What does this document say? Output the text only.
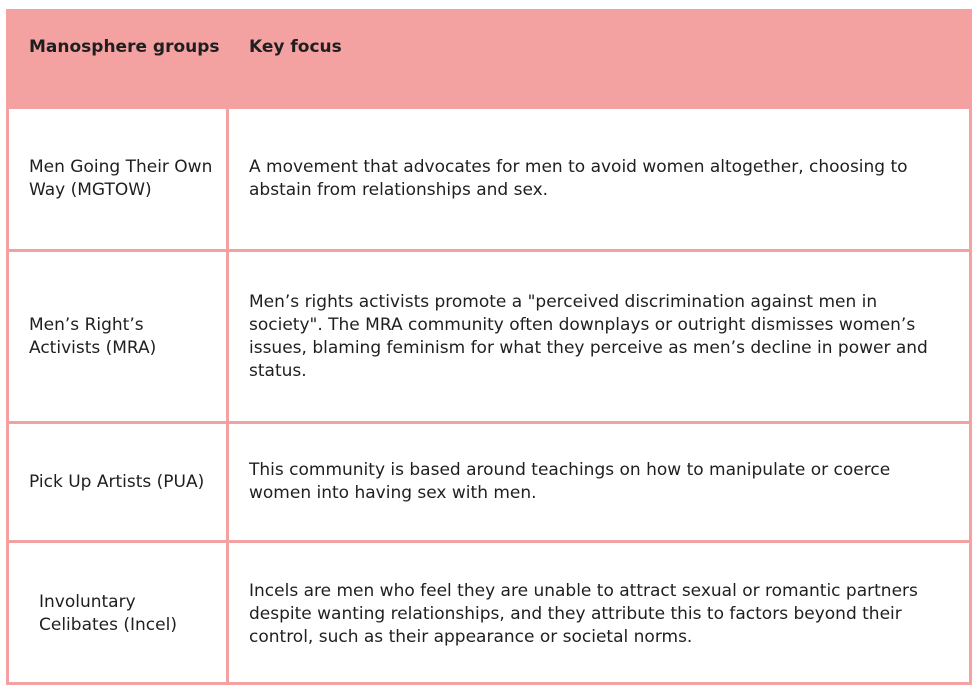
Manosphere groups	Key focus
Men Going Their Own Way (MGTOW)
A movement that advocates for men to avoid women altogether, choosing to abstain from relationships and sex.
Men’s Right’s Activists (MRA)
Men’s rights activists promote a "perceived discrimination against men in society". The MRA community often downplays or outright dismisses women’s issues, blaming feminism for what they perceive as men’s decline in power and status.
Pick Up Artists (PUA)
This community is based around teachings on how to manipulate or coerce women into having sex with men.
Involuntary Celibates (Incel)
Incels are men who feel they are unable to attract sexual or romantic partners despite wanting relationships, and they attribute this to factors beyond their control, such as their appearance or societal norms.
